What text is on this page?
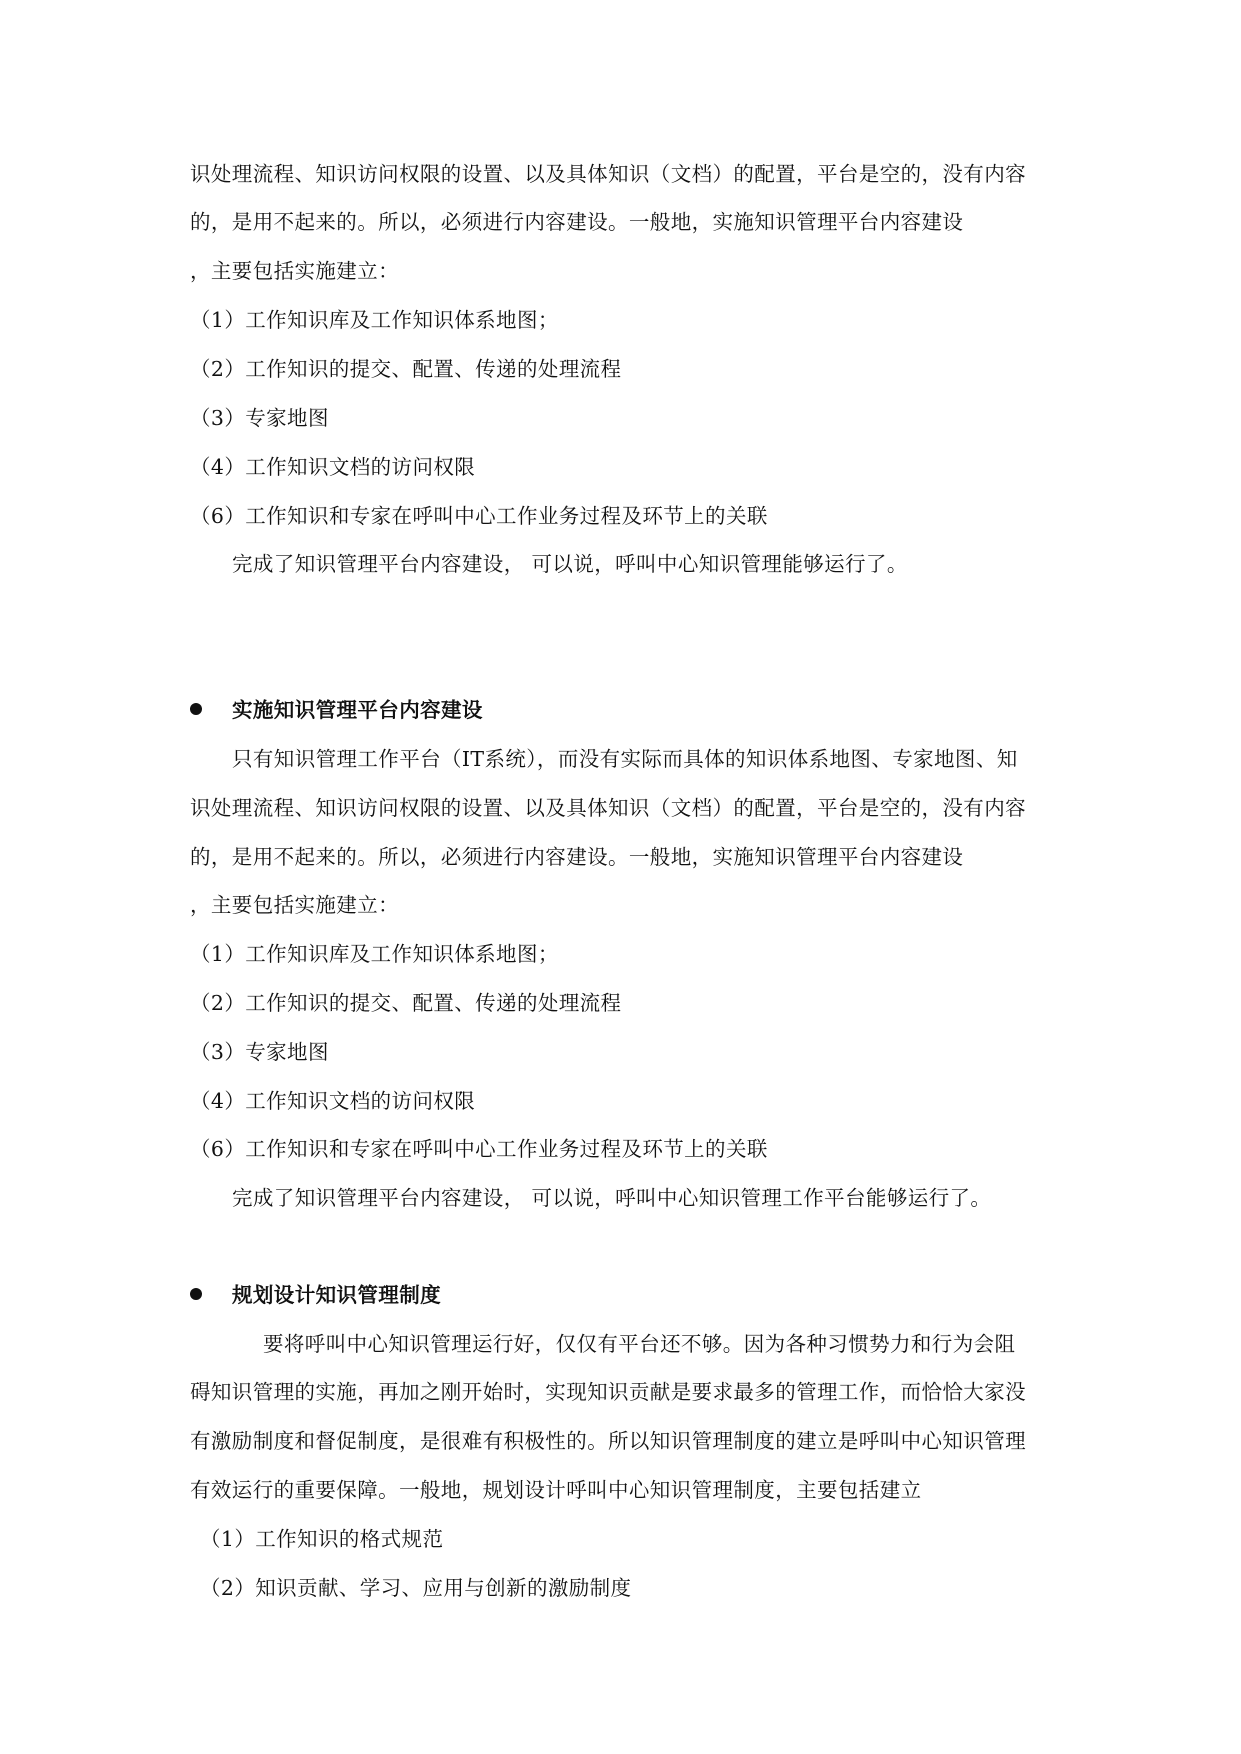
识处理流程、知识访问权限的设置、以及具体知识（文档）的配置，平台是空的，没有内容
的，是用不起来的。所以，必须进行内容建设。一般地，实施知识管理平台内容建设
，主要包括实施建立：
（1）工作知识库及工作知识体系地图；
（2）工作知识的提交、配置、传递的处理流程
（3）专家地图
（4）工作知识文档的访问权限
（6）工作知识和专家在呼叫中心工作业务过程及环节上的关联
完成了知识管理平台内容建设， 可以说，呼叫中心知识管理能够运行了。
实施知识管理平台内容建设
只有知识管理工作平台（IT系统），而没有实际而具体的知识体系地图、专家地图、知
识处理流程、知识访问权限的设置、以及具体知识（文档）的配置，平台是空的，没有内容
的，是用不起来的。所以，必须进行内容建设。一般地，实施知识管理平台内容建设
，主要包括实施建立：
（1）工作知识库及工作知识体系地图；
（2）工作知识的提交、配置、传递的处理流程
（3）专家地图
（4）工作知识文档的访问权限
（6）工作知识和专家在呼叫中心工作业务过程及环节上的关联
完成了知识管理平台内容建设， 可以说，呼叫中心知识管理工作平台能够运行了。
规划设计知识管理制度
要将呼叫中心知识管理运行好，仅仅有平台还不够。因为各种习惯势力和行为会阻
碍知识管理的实施，再加之刚开始时，实现知识贡献是要求最多的管理工作，而恰恰大家没
有激励制度和督促制度，是很难有积极性的。所以知识管理制度的建立是呼叫中心知识管理
有效运行的重要保障。一般地，规划设计呼叫中心知识管理制度，主要包括建立
（1）工作知识的格式规范
（2）知识贡献、学习、应用与创新的激励制度
